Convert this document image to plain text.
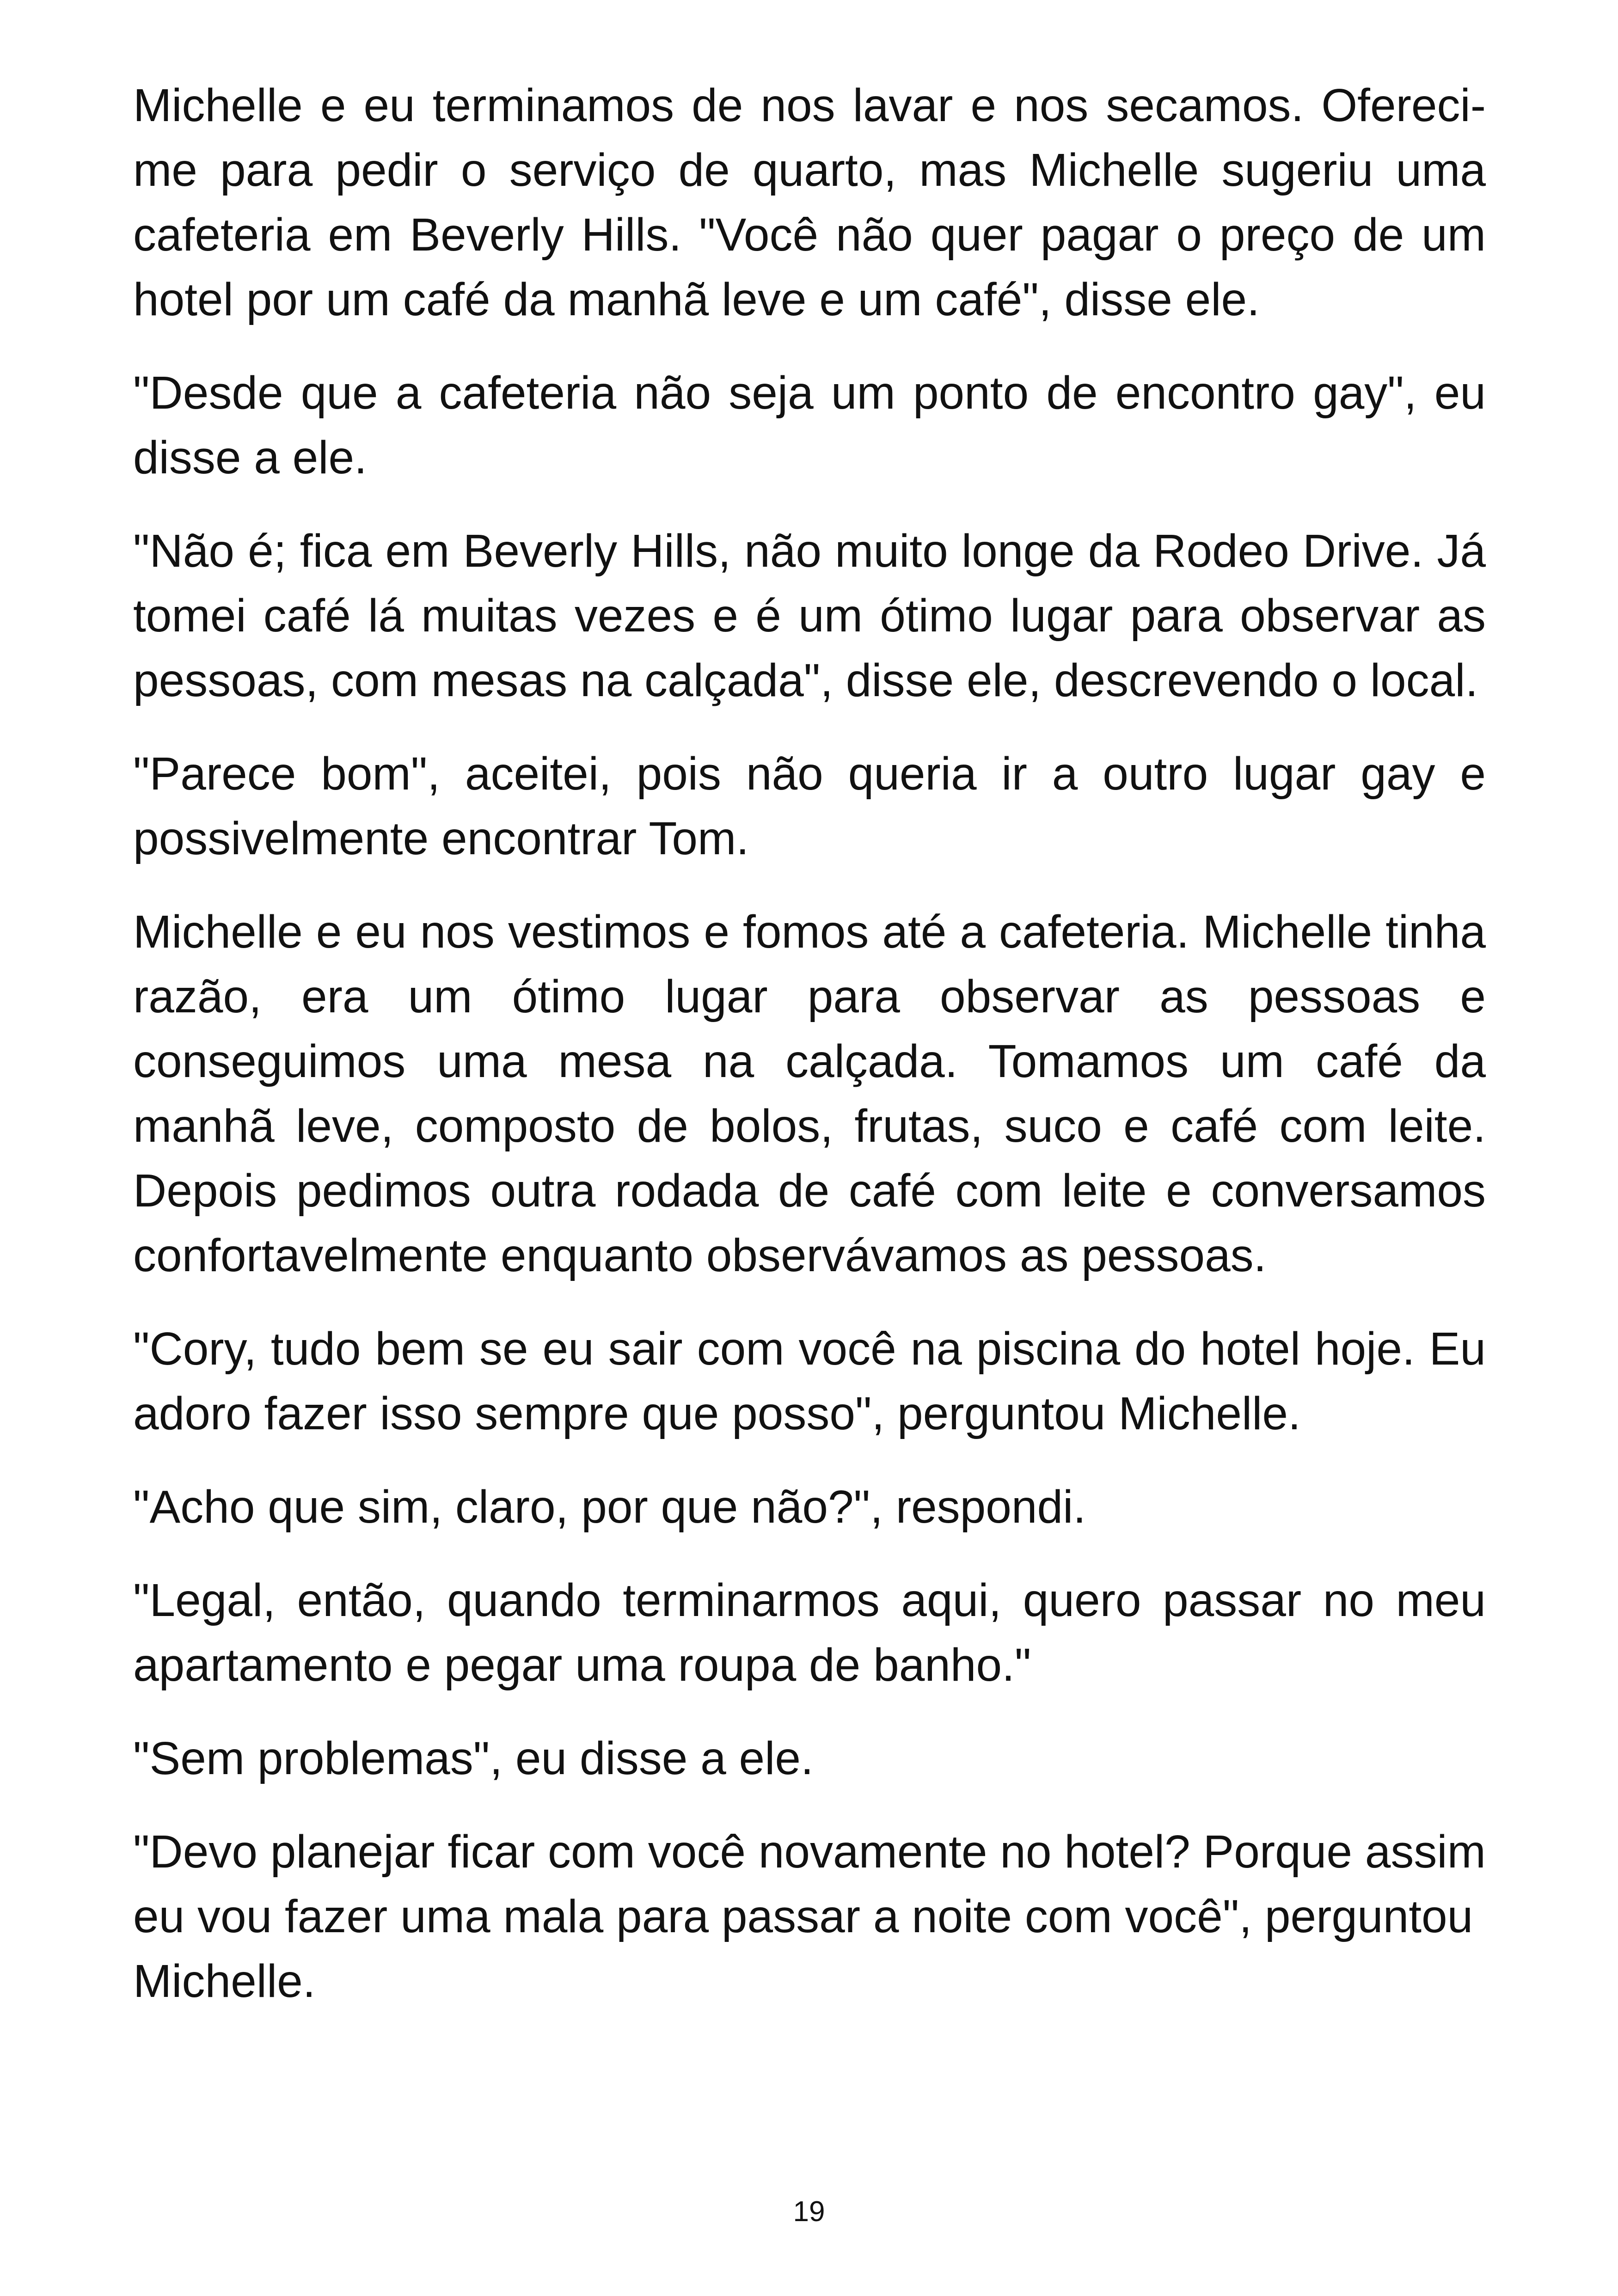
Michelle e eu terminamos de nos lavar e nos secamos. Ofereci-me para pedir o serviço de quarto, mas Michelle sugeriu uma cafeteria em Beverly Hills. "Você não quer pagar o preço de um hotel por um café da manhã leve e um café", disse ele.

"Desde que a cafeteria não seja um ponto de encontro gay", eu disse a ele.

"Não é; fica em Beverly Hills, não muito longe da Rodeo Drive. Já tomei café lá muitas vezes e é um ótimo lugar para observar as pessoas, com mesas na calçada", disse ele, descrevendo o local.

"Parece bom", aceitei, pois não queria ir a outro lugar gay e possivelmente encontrar Tom.

Michelle e eu nos vestimos e fomos até a cafeteria. Michelle tinha razão, era um ótimo lugar para observar as pessoas e conseguimos uma mesa na calçada. Tomamos um café da manhã leve, composto de bolos, frutas, suco e café com leite. Depois pedimos outra rodada de café com leite e conversamos confortavelmente enquanto observávamos as pessoas.

"Cory, tudo bem se eu sair com você na piscina do hotel hoje. Eu adoro fazer isso sempre que posso", perguntou Michelle.

"Acho que sim, claro, por que não?", respondi.

"Legal, então, quando terminarmos aqui, quero passar no meu apartamento e pegar uma roupa de banho."

"Sem problemas", eu disse a ele.

"Devo planejar ficar com você novamente no hotel? Porque assim eu vou fazer uma mala para passar a noite com você", perguntou Michelle.

19
